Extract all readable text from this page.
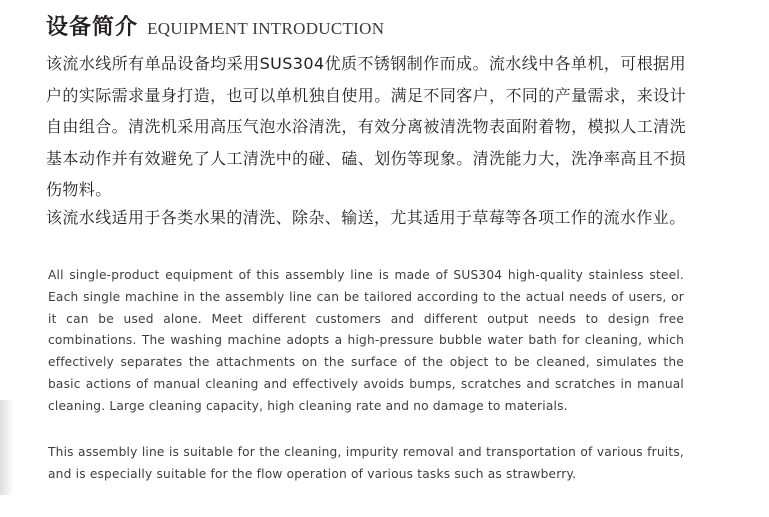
设备简介 EQUIPMENT INTRODUCTION
该流水线所有单品设备均采用SUS304优质不锈钢制作而成。流水线中各单机，可根据用户的实际需求量身打造，也可以单机独自使用。满足不同客户，不同的产量需求，来设计自由组合。清洗机采用高压气泡水浴清洗，有效分离被清洗物表面附着物，模拟人工清洗基本动作并有效避免了人工清洗中的碰、磕、划伤等现象。清洗能力大，洗净率高且不损伤物料。
该流水线适用于各类水果的清洗、除杂、输送，尤其适用于草莓等各项工作的流水作业。
All single-product equipment of this assembly line is made of SUS304 high-quality stainless steel. Each single machine in the assembly line can be tailored according to the actual needs of users, or it can be used alone. Meet different customers and different output needs to design free combinations. The washing machine adopts a high-pressure bubble water bath for cleaning, which effectively separates the attachments on the surface of the object to be cleaned, simulates the basic actions of manual cleaning and effectively avoids bumps, scratches and scratches in manual cleaning. Large cleaning capacity, high cleaning rate and no damage to materials.
This assembly line is suitable for the cleaning, impurity removal and transportation of various fruits, and is especially suitable for the flow operation of various tasks such as strawberry.
